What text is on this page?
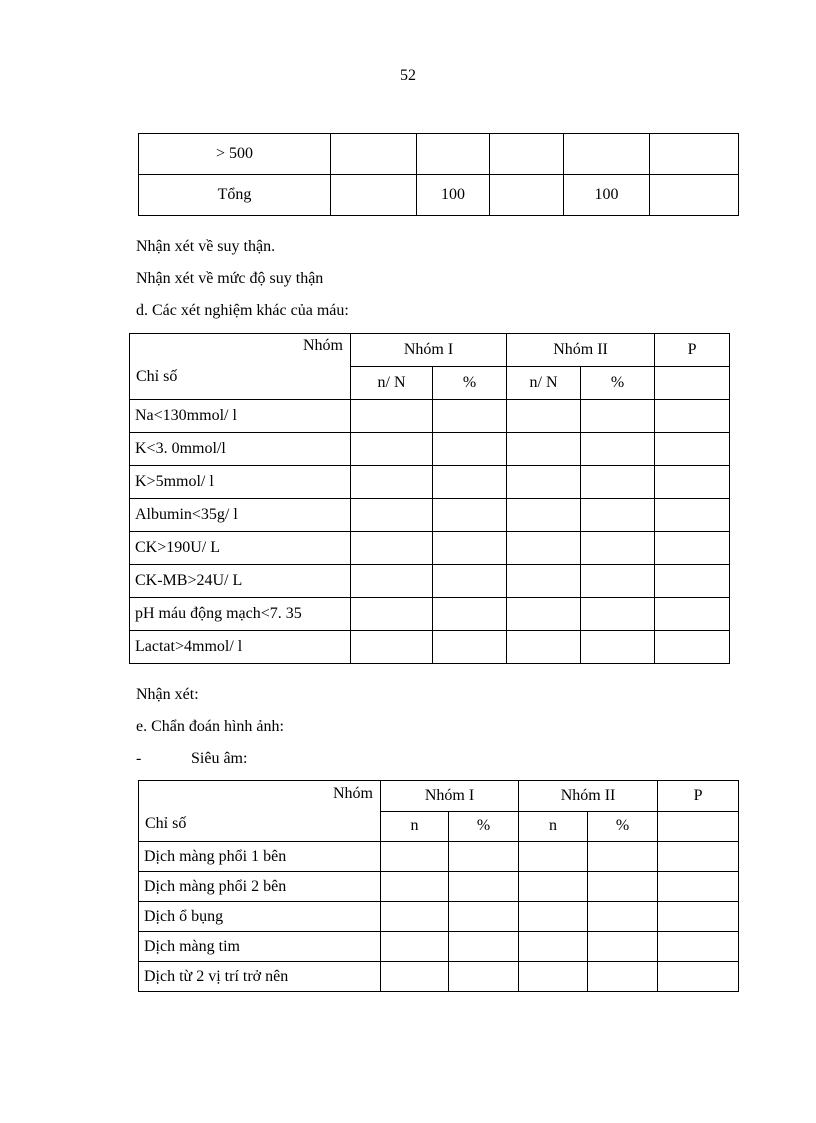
52
> 500					
Tổng		100		100	
Nhận xét về suy thận.
Nhận xét về mức độ suy thận
d. Các xét nghiệm khác của máu:
Nhóm
Chỉ số	Nhóm I		Nhóm II		P
	n/ N	%	n/ N	%	
Na<130mmol/ l					
K<3. 0mmol/l					
K>5mmol/ l					
Albumin<35g/ l					
CK>190U/ L					
CK-MB>24U/ L					
pH máu động mạch<7. 35					
Lactat>4mmol/ l					
Nhận xét:
e. Chẩn đoán hình ảnh:
-	Siêu âm:
Nhóm
Chỉ số	Nhóm I		Nhóm II		P
	n	%	n	%	
Dịch màng phổi 1 bên					
Dịch màng phổi 2 bên					
Dịch ổ bụng					
Dịch màng tim					
Dịch từ 2 vị trí trở nên					
